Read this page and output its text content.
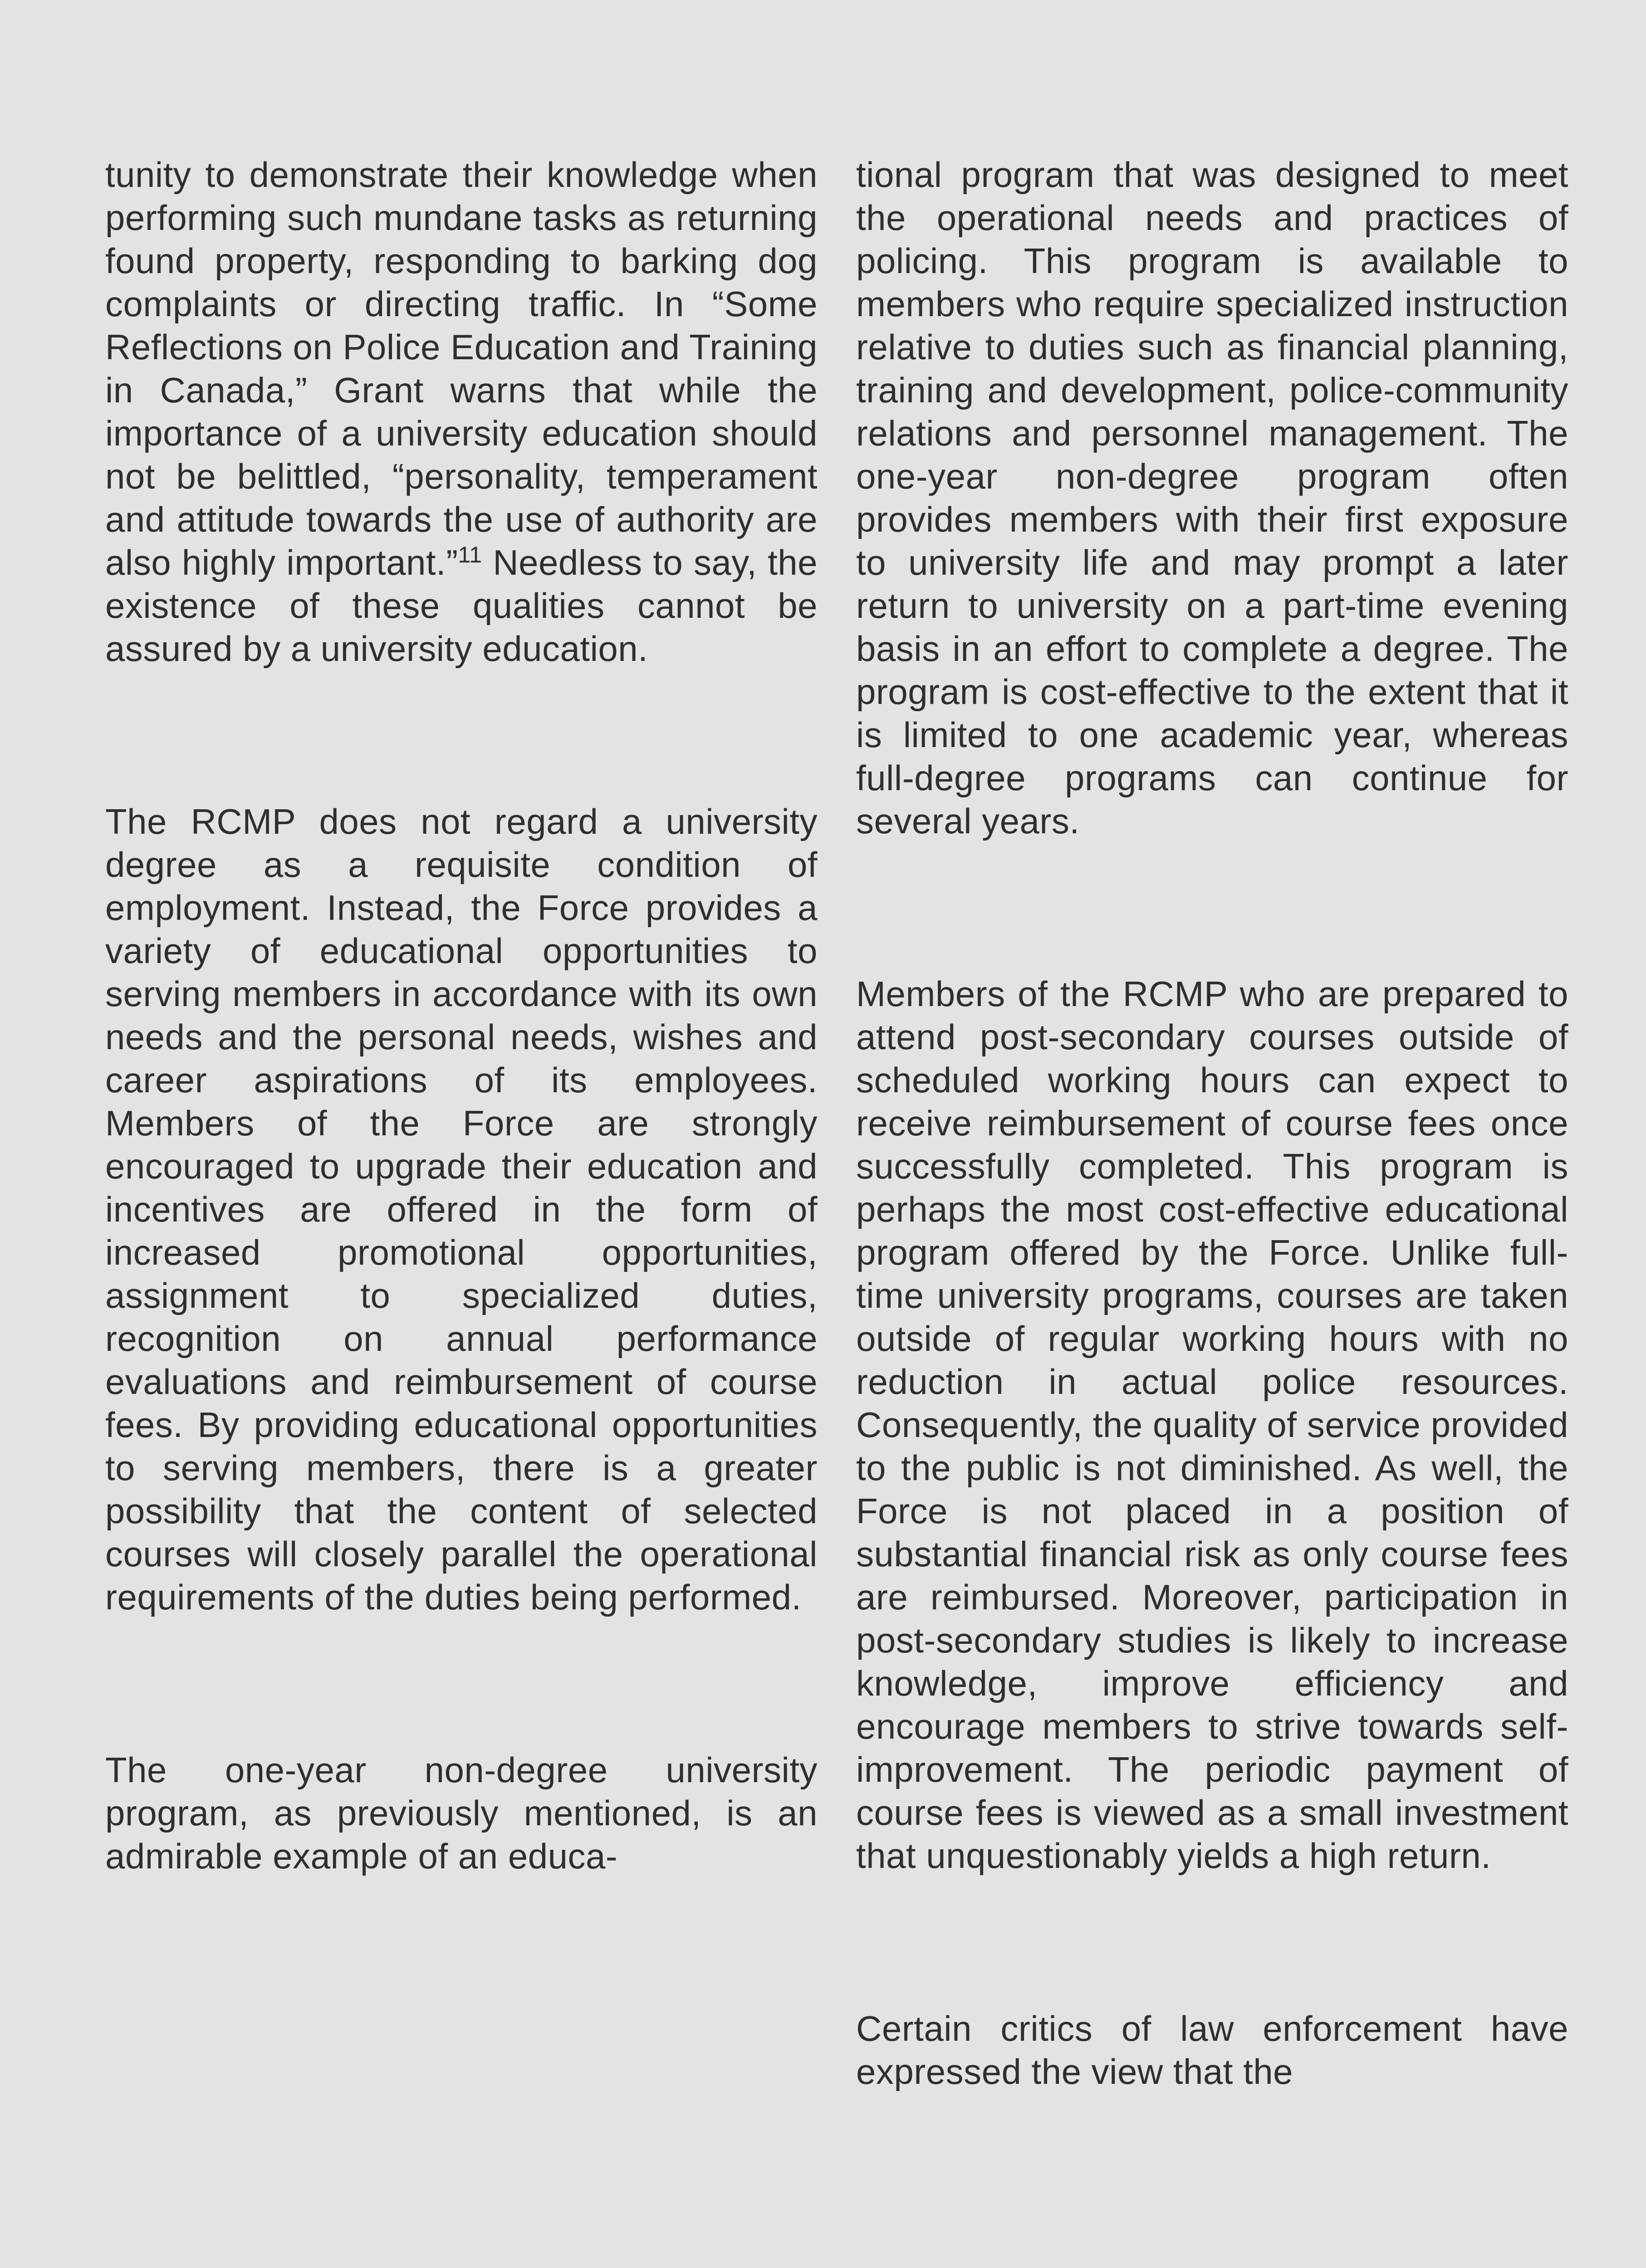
tunity to demonstrate their knowledge when performing such mundane tasks as returning found property, responding to barking dog complaints or directing traffic. In “Some Reflections on Police Education and Training in Canada,” Grant warns that while the importance of a university education should not be belittled, “personality, temperament and attitude towards the use of authority are also highly important.”$^{11}$ Needless to say, the existence of these qualities cannot be assured by a university education.

The RCMP does not regard a university degree as a requisite condition of employment. Instead, the Force provides a variety of educational opportunities to serving members in accordance with its own needs and the personal needs, wishes and career aspirations of its employees. Members of the Force are strongly encouraged to upgrade their education and incentives are offered in the form of increased promotional opportunities, assignment to specialized duties, recognition on annual performance evaluations and reimbursement of course fees. By providing educational opportunities to serving members, there is a greater possibility that the content of selected courses will closely parallel the operational requirements of the duties being performed.

The one-year non-degree university program, as previously mentioned, is an admirable example of an educa-

tional program that was designed to meet the operational needs and practices of policing. This program is available to members who require specialized instruction relative to duties such as financial planning, training and development, police-community relations and personnel management. The one-year non-degree program often provides members with their first exposure to university life and may prompt a later return to university on a part-time evening basis in an effort to complete a degree. The program is cost-effective to the extent that it is limited to one academic year, whereas full-degree programs can continue for several years.

Members of the RCMP who are prepared to attend post-secondary courses outside of scheduled working hours can expect to receive reimbursement of course fees once successfully completed. This program is perhaps the most cost-effective educational program offered by the Force. Unlike full-time university programs, courses are taken outside of regular working hours with no reduction in actual police resources. Consequently, the quality of service provided to the public is not diminished. As well, the Force is not placed in a position of substantial financial risk as only course fees are reimbursed. Moreover, participation in post-secondary studies is likely to increase knowledge, improve efficiency and encourage members to strive towards self-improvement. The periodic payment of course fees is viewed as a small investment that unquestionably yields a high return.

Certain critics of law enforcement have expressed the view that the
